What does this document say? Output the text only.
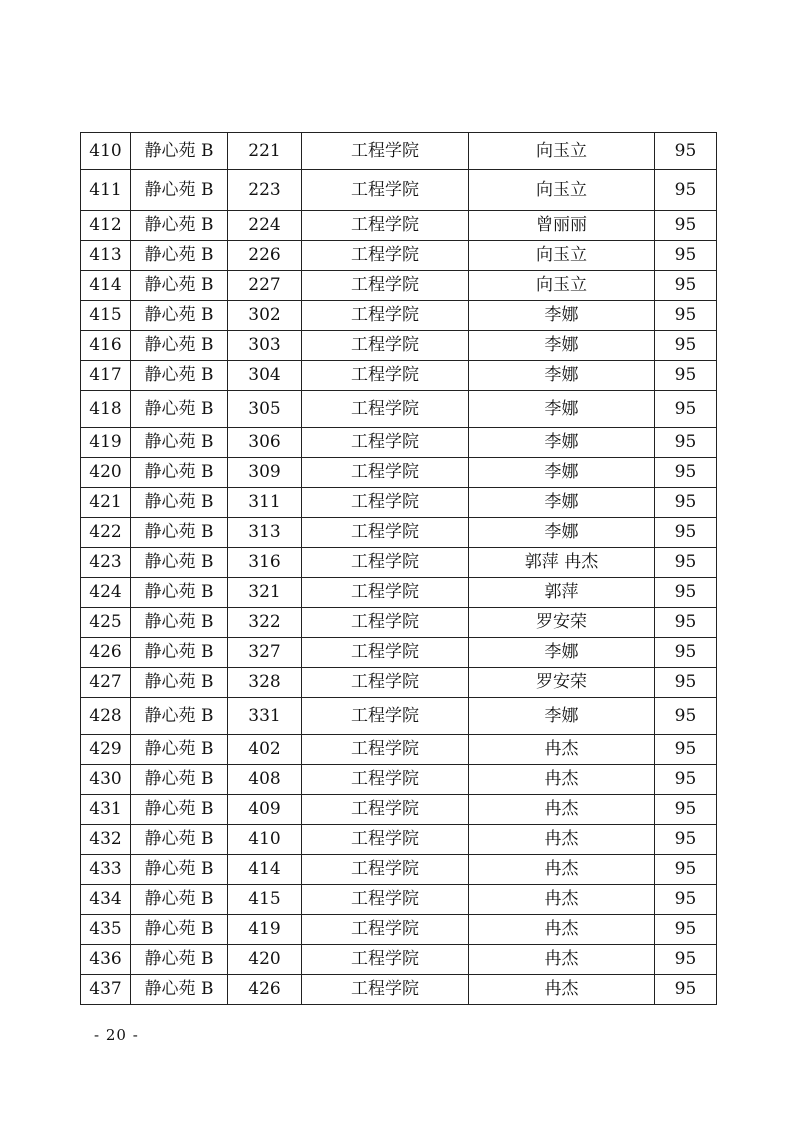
410	静心苑 B	221	工程学院	向玉立	95
411	静心苑 B	223	工程学院	向玉立	95
412	静心苑 B	224	工程学院	曾丽丽	95
413	静心苑 B	226	工程学院	向玉立	95
414	静心苑 B	227	工程学院	向玉立	95
415	静心苑 B	302	工程学院	李娜	95
416	静心苑 B	303	工程学院	李娜	95
417	静心苑 B	304	工程学院	李娜	95
418	静心苑 B	305	工程学院	李娜	95
419	静心苑 B	306	工程学院	李娜	95
420	静心苑 B	309	工程学院	李娜	95
421	静心苑 B	311	工程学院	李娜	95
422	静心苑 B	313	工程学院	李娜	95
423	静心苑 B	316	工程学院	郭萍 冉杰	95
424	静心苑 B	321	工程学院	郭萍	95
425	静心苑 B	322	工程学院	罗安荣	95
426	静心苑 B	327	工程学院	李娜	95
427	静心苑 B	328	工程学院	罗安荣	95
428	静心苑 B	331	工程学院	李娜	95
429	静心苑 B	402	工程学院	冉杰	95
430	静心苑 B	408	工程学院	冉杰	95
431	静心苑 B	409	工程学院	冉杰	95
432	静心苑 B	410	工程学院	冉杰	95
433	静心苑 B	414	工程学院	冉杰	95
434	静心苑 B	415	工程学院	冉杰	95
435	静心苑 B	419	工程学院	冉杰	95
436	静心苑 B	420	工程学院	冉杰	95
437	静心苑 B	426	工程学院	冉杰	95
- 20 -
